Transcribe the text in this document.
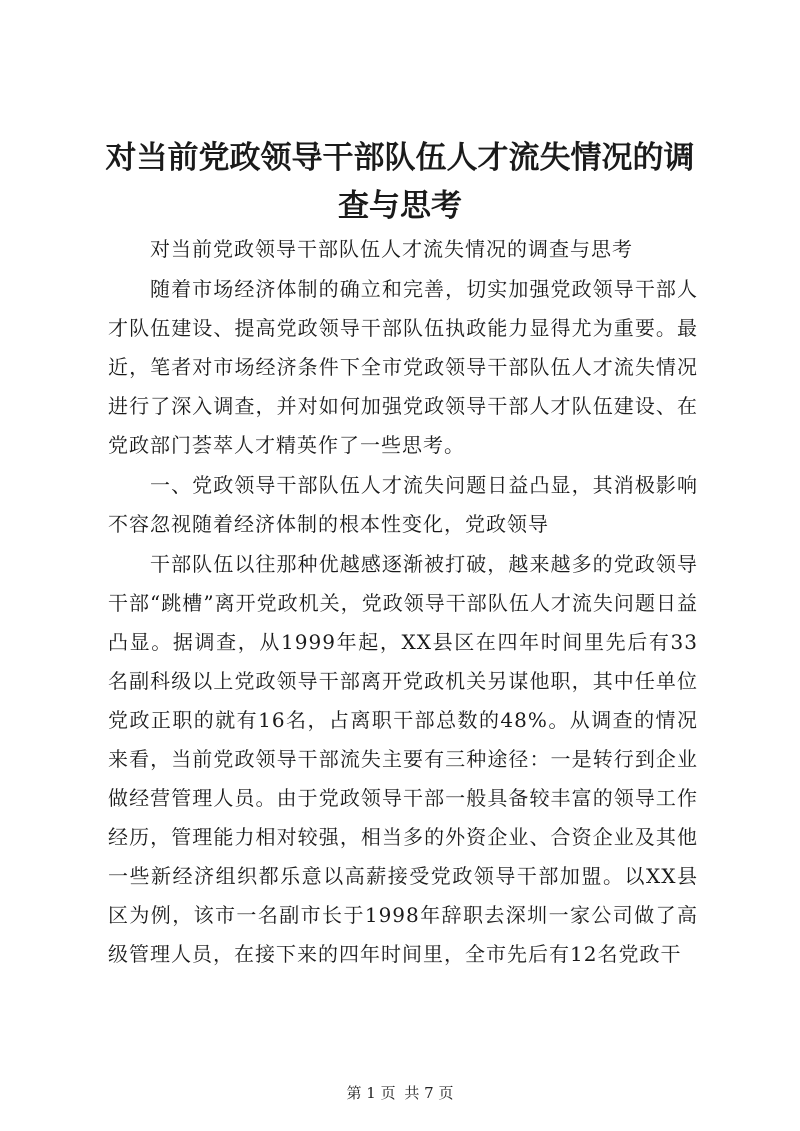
对当前党政领导干部队伍人才流失情况的调查与思考

对当前党政领导干部队伍人才流失情况的调查与思考

随着市场经济体制的确立和完善，切实加强党政领导干部人才队伍建设、提高党政领导干部队伍执政能力显得尤为重要。最近，笔者对市场经济条件下全市党政领导干部队伍人才流失情况进行了深入调查，并对如何加强党政领导干部人才队伍建设、在党政部门荟萃人才精英作了一些思考。

一、党政领导干部队伍人才流失问题日益凸显，其消极影响不容忽视随着经济体制的根本性变化，党政领导

干部队伍以往那种优越感逐渐被打破，越来越多的党政领导干部“跳槽”离开党政机关，党政领导干部队伍人才流失问题日益凸显。据调查，从1999年起，XX县区在四年时间里先后有33名副科级以上党政领导干部离开党政机关另谋他职，其中任单位党政正职的就有16名，占离职干部总数的48%。从调查的情况来看，当前党政领导干部流失主要有三种途径：一是转行到企业做经营管理人员。由于党政领导干部一般具备较丰富的领导工作经历，管理能力相对较强，相当多的外资企业、合资企业及其他一些新经济组织都乐意以高薪接受党政领导干部加盟。以XX县区为例，该市一名副市长于1998年辞职去深圳一家公司做了高级管理人员，在接下来的四年时间里，全市先后有12名党政干

第 1 页 共 7 页
